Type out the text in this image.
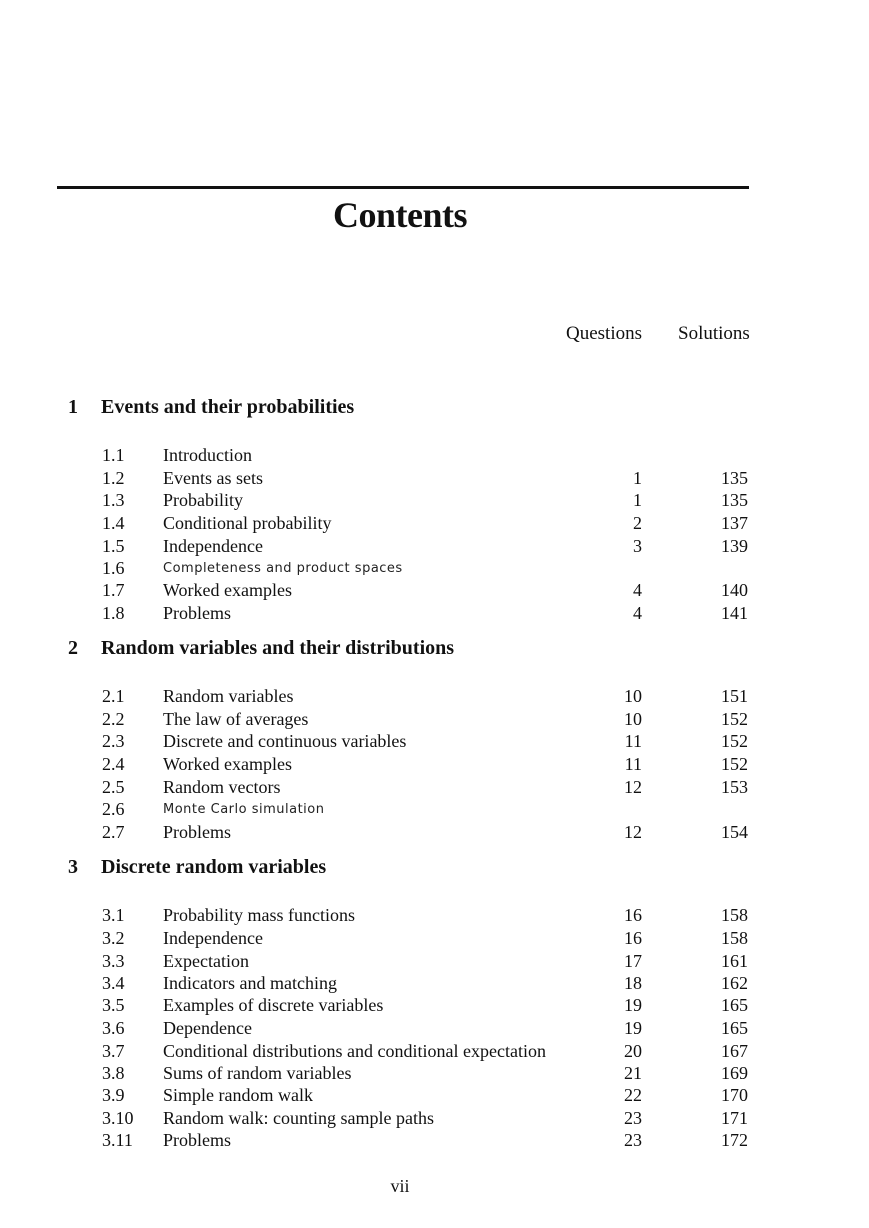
Contents
Questions Solutions
1 Events and their probabilities
1.1 Introduction
1.2 Events as sets	1	135
1.3 Probability	1	135
1.4 Conditional probability	2	137
1.5 Independence	3	139
1.6	Completeness and product spaces
1.7 Worked examples	4	140
1.8 Problems	4	141
2 Random variables and their distributions
2.1 Random variables	10	151
2.2 The law of averages	10	152
2.3 Discrete and continuous variables	11	152
2.4 Worked examples	11	152
2.5 Random vectors	12	153
2.6	Monte Carlo simulation
2.7 Problems	12	154
3 Discrete random variables
3.1 Probability mass functions	16	158
3.2 Independence	16	158
3.3 Expectation	17	161
3.4 Indicators and matching	18	162
3.5 Examples of discrete variables	19	165
3.6 Dependence	19	165
3.7 Conditional distributions and conditional expectation	20	167
3.8 Sums of random variables	21	169
3.9 Simple random walk	22	170
3.10 Random walk: counting sample paths	23	171
3.11 Problems	23	172
vii
